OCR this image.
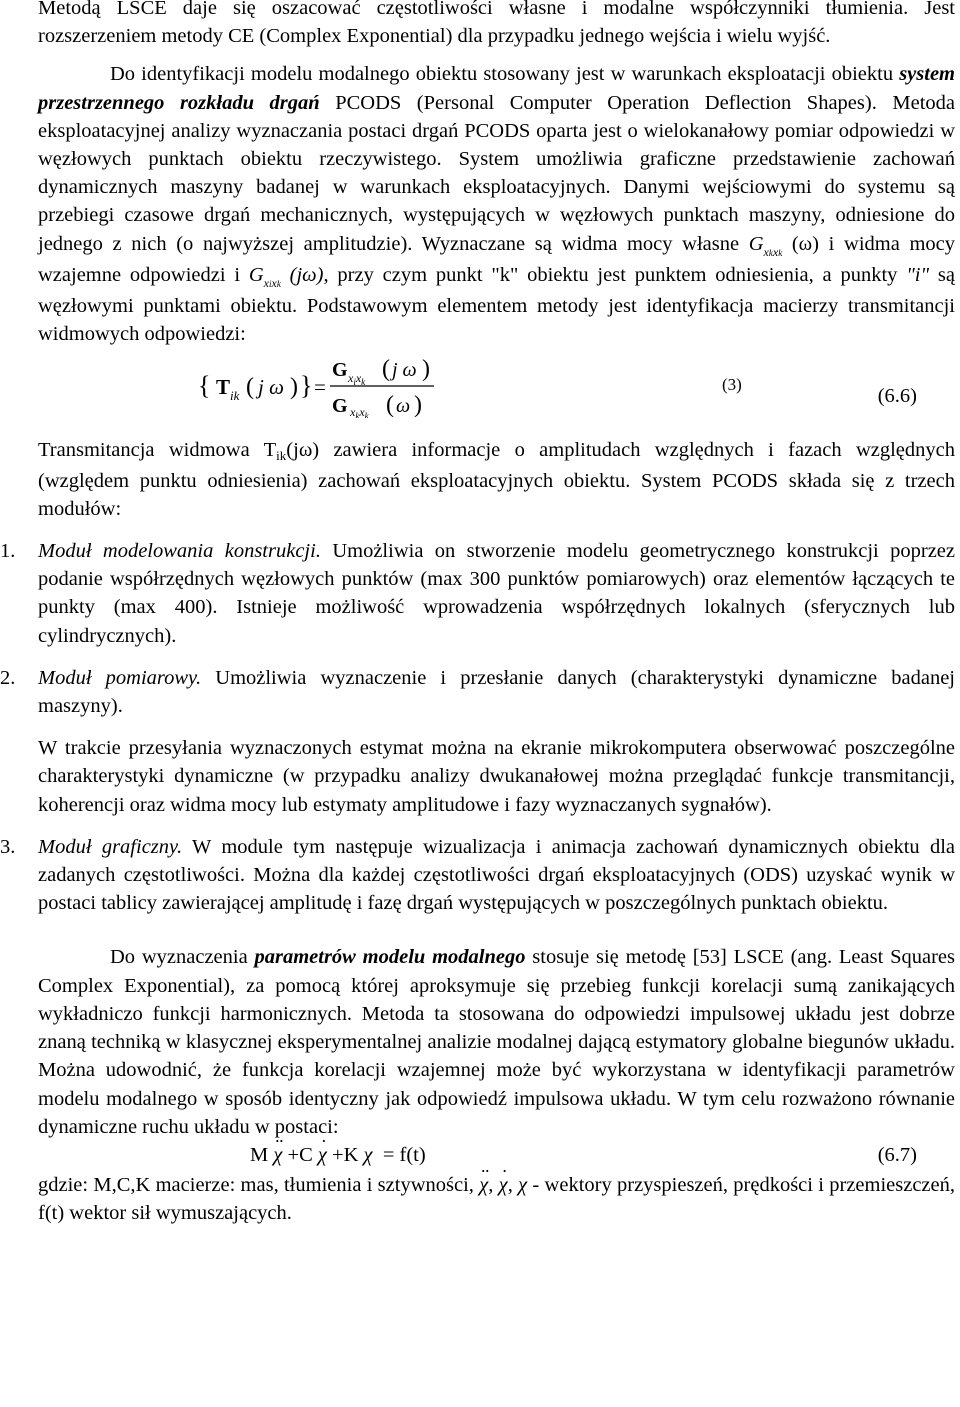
Metodą LSCE daje się oszacować częstotliwości własne i modalne współczynniki tłumienia. Jest rozszerzeniem metody CE (Complex Exponential) dla przypadku jednego wejścia i wielu wyjść.

Do identyfikacji modelu modalnego obiektu stosowany jest w warunkach eksploatacji obiektu system przestrzennego rozkładu drgań PCODS (Personal Computer Operation Deflection Shapes). Metoda eksploatacyjnej analizy wyznaczania postaci drgań PCODS oparta jest o wielokanałowy pomiar odpowiedzi w węzłowych punktach obiektu rzeczywistego. System umożliwia graficzne przedstawienie zachowań dynamicznych maszyny badanej w warunkach eksploatacyjnych. Danymi wejściowymi do systemu są przebiegi czasowe drgań mechanicznych, występujących w węzłowych punktach maszyny, odniesione do jednego z nich (o najwyższej amplitudzie). Wyznaczane są widma mocy własne $G_{xkxk}$ (ω) i widma mocy wzajemne odpowiedzi i $G_{xixk}$ (jω), przy czym punkt "k" obiektu jest punktem odniesienia, a punkty "i" są węzłowymi punktami obiektu. Podstawowym elementem metody jest identyfikacja macierzy transmitancji widmowych odpowiedzi:

{ T ik ( j ω ) } =
G $x_ix_k$ ( j ω )
G $x_kx_k$ ( ω )
(3)
(6.6)

Transmitancja widmowa Tik(jω) zawiera informacje o amplitudach względnych i fazach względnych (względem punktu odniesienia) zachowań eksploatacyjnych obiektu. System PCODS składa się z trzech modułów:

1. Moduł modelowania konstrukcji. Umożliwia on stworzenie modelu geometrycznego konstrukcji poprzez podanie współrzędnych węzłowych punktów (max 300 punktów pomiarowych) oraz elementów łączących te punkty (max 400). Istnieje możliwość wprowadzenia współrzędnych lokalnych (sferycznych lub cylindrycznych).

2. Moduł pomiarowy. Umożliwia wyznaczenie i przesłanie danych (charakterystyki dynamiczne badanej maszyny).

W trakcie przesyłania wyznaczonych estymat można na ekranie mikrokomputera obserwować poszczególne charakterystyki dynamiczne (w przypadku analizy dwukanałowej można przeglądać funkcje transmitancji, koherencji oraz widma mocy lub estymaty amplitudowe i fazy wyznaczanych sygnałów).

3. Moduł graficzny. W module tym następuje wizualizacja i animacja zachowań dynamicznych obiektu dla zadanych częstotliwości. Można dla każdej częstotliwości drgań eksploatacyjnych (ODS) uzyskać wynik w postaci tablicy zawierającej amplitudę i fazę drgań występujących w poszczególnych punktach obiektu.

Do wyznaczenia parametrów modelu modalnego stosuje się metodę [53] LSCE (ang. Least Squares Complex Exponential), za pomocą której aproksymuje się przebieg funkcji korelacji sumą zanikających wykładniczo funkcji harmonicznych. Metoda ta stosowana do odpowiedzi impulsowej układu jest dobrze znaną techniką w klasycznej eksperymentalnej analizie modalnej dającą estymatory globalne biegunów układu. Można udowodnić, że funkcja korelacji wzajemnej może być wykorzystana w identyfikacji parametrów modelu modalnego w sposób identyczny jak odpowiedź impulsowa układu. W tym celu rozważono równanie dynamiczne ruchu układu w postaci:

M ·· χ +C · χ +K χ = f(t)	(6.7)

gdzie: M,C,K macierze: mas, tłumienia i sztywności, ·· χ, · χ, χ - wektory przyspieszeń, prędkości i przemieszczeń, f(t) wektor sił wymuszających.
